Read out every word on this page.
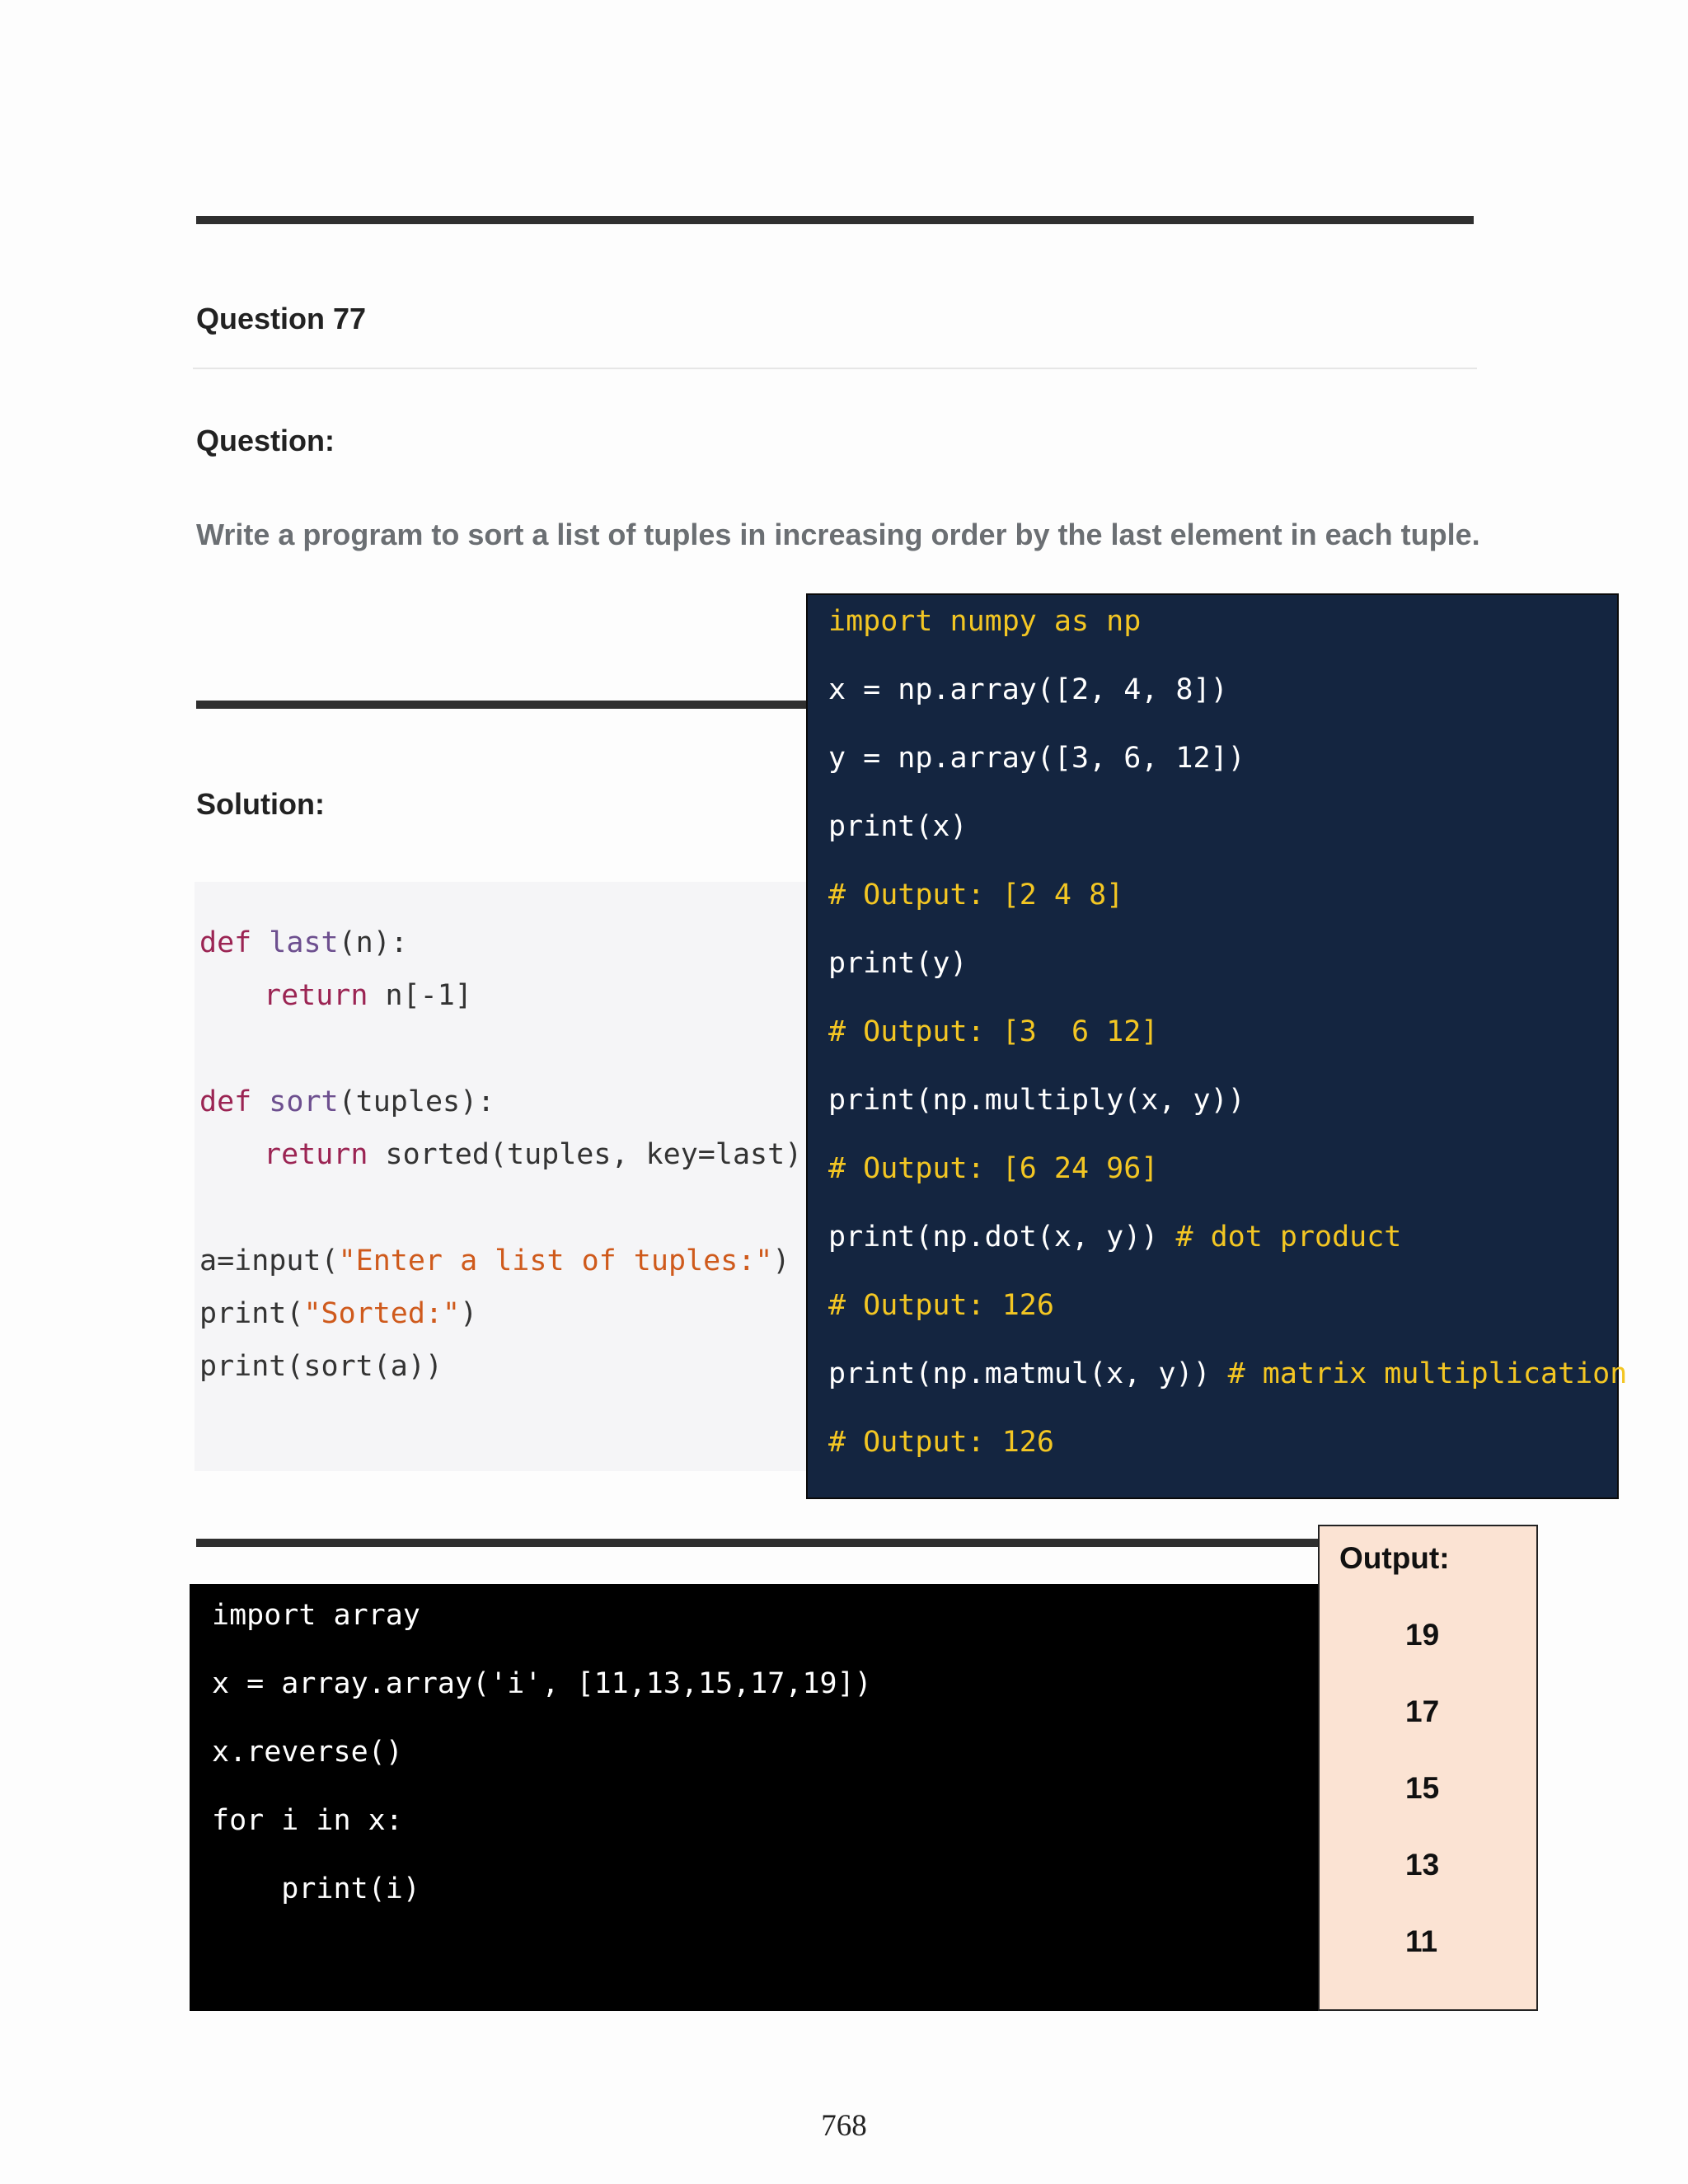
Question 77
Question:
Write a program to sort a list of tuples in increasing order by the last element in each tuple.
Solution:
def last(n):
return n[-1]
def sort(tuples):
return sorted(tuples, key=last)
a=input("Enter a list of tuples:")
print("Sorted:")
print(sort(a))
import numpy as np
x = np.array([2, 4, 8])
y = np.array([3, 6, 12])
print(x)
# Output: [2 4 8]
print(y)
# Output: [3  6 12]
print(np.multiply(x, y))
# Output: [6 24 96]
print(np.dot(x, y)) # dot product
# Output: 126
print(np.matmul(x, y)) # matrix multiplication
# Output: 126
import array
x = array.array('i', [11,13,15,17,19])
x.reverse()
for i in x:
print(i)
Output:
19
17
15
13
11
768
